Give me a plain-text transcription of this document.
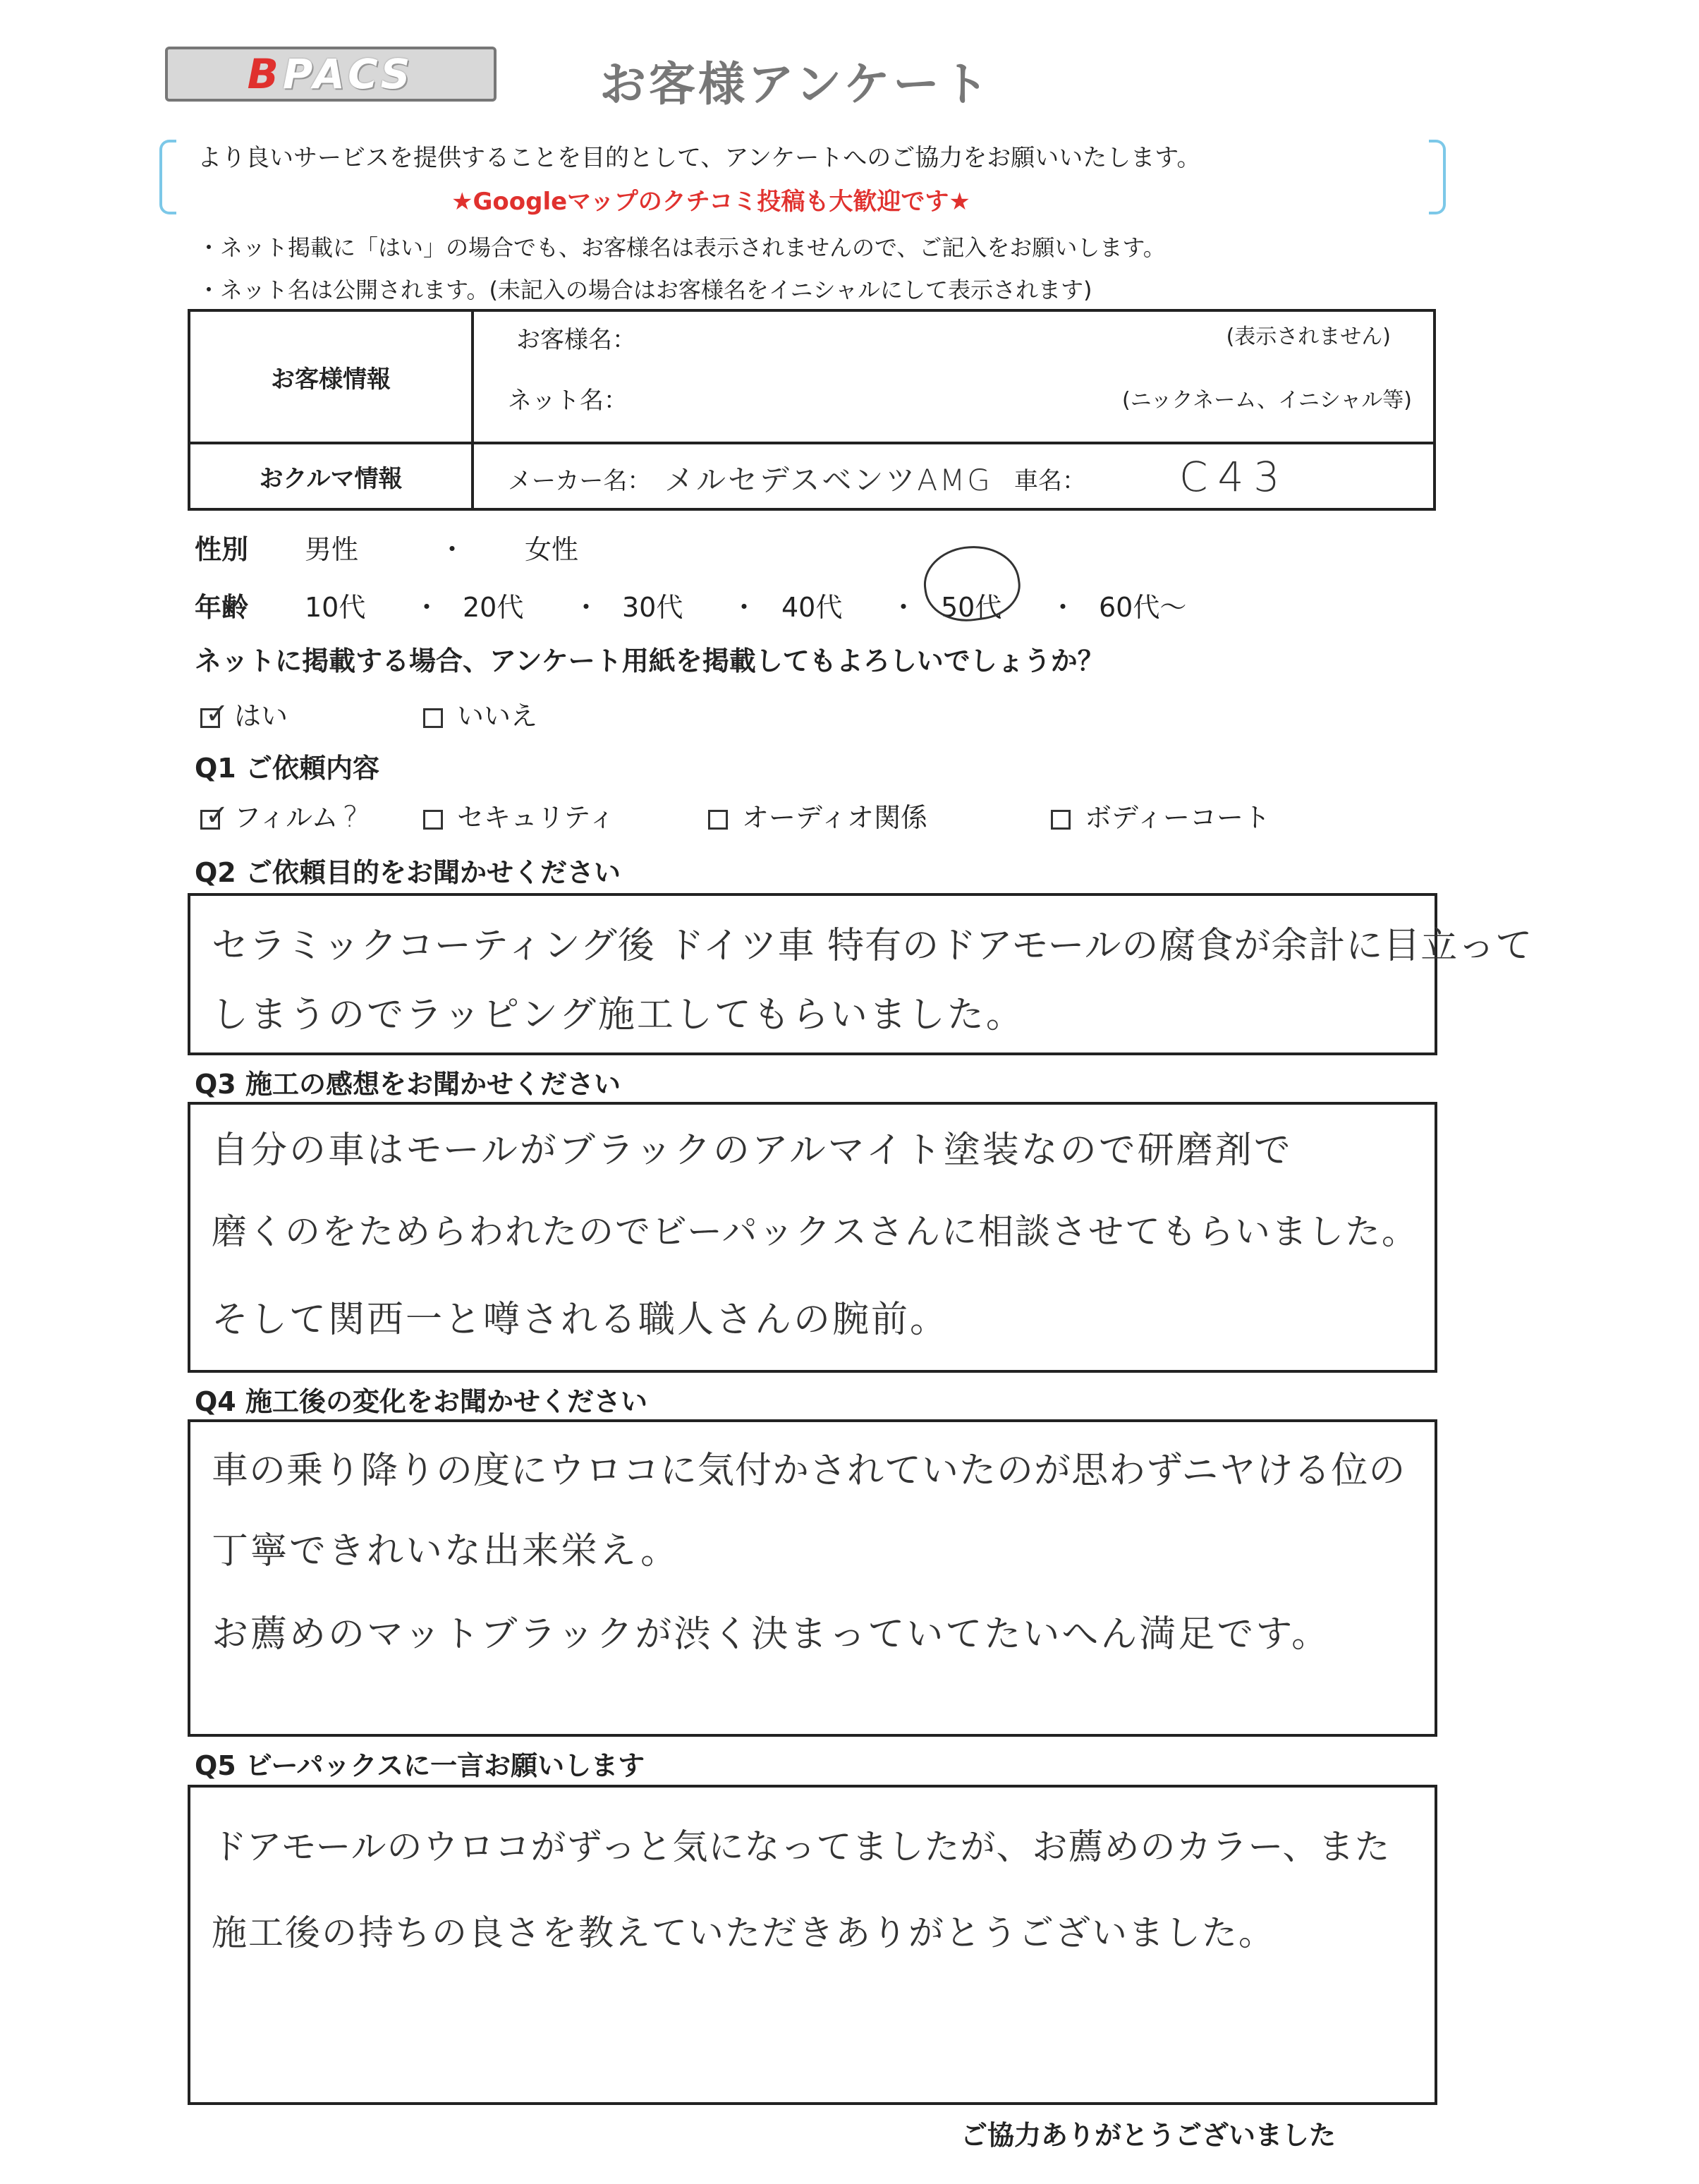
B PACS	お客様アンケート
より良いサービスを提供することを目的として、アンケートへのご協力をお願いいたします。
★Googleマップのクチコミ投稿も大歓迎です★
・ネット掲載に「はい」の場合でも、お客様名は表示されませんので、ご記入をお願いします。
・ネット名は公開されます。(未記入の場合はお客様名をイニシャルにして表示されます)
お客様情報	お客様名： (表示されません)
ネット名： (ニックネーム、イニシャル等)

おクルマ情報	メーカー名： メルセデスベンツAMG 車名： C43
性別 男性	・ 女性
年齢 10代 ・ 20代 ・ 30代 ・ 40代 ・ 50代 ・ 60代〜
ネットに掲載する場合、アンケート用紙を掲載してもよろしいでしょうか？
✓ はい	いいえ
Q1 ご依頼内容
✓ フィルム ?	セキュリティ	オーディオ関係	ボディーコート
Q2 ご依頼目的をお聞かせください
セラミックコーティング後 ドイツ車 特有のドアモールの腐食が余計に目立って
しまうのでラッピング施工してもらいました。
Q3 施工の感想をお聞かせください
自分の車はモールがブラックのアルマイト塗装なので研磨剤で
磨くのをためらわれたのでビーパックスさんに相談させてもらいました。
そして関西一と噂される職人さんの腕前。
Q4 施工後の変化をお聞かせください
車の乗り降りの度にウロコに気付かされていたのが思わずニヤける位の
丁寧できれいな出来栄え。
お薦めのマットブラックが渋く決まっていてたいへん満足です。
Q5 ビーパックスに一言お願いします
ドアモールのウロコがずっと気になってましたが、お薦めのカラー、また
施工後の持ちの良さを教えていただきありがとうございました。
ご協力ありがとうございました
